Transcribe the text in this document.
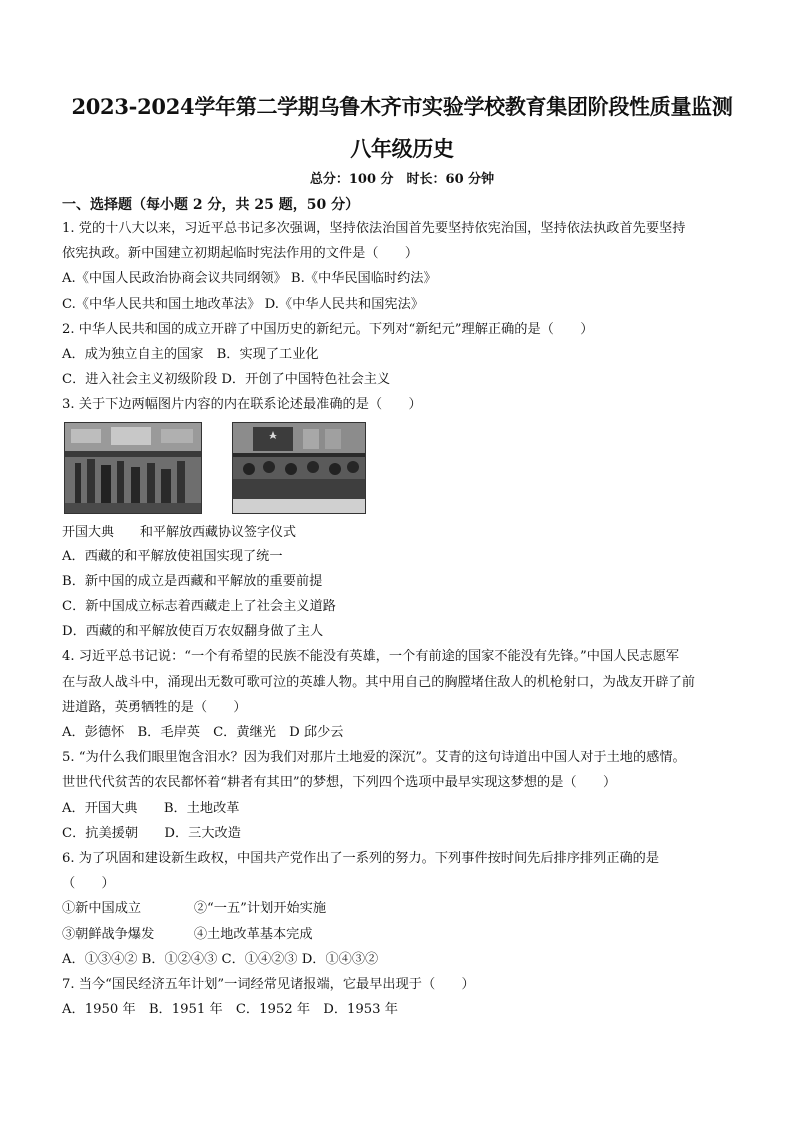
2023-2024学年第二学期乌鲁木齐市实验学校教育集团阶段性质量监测
八年级历史
总分：100 分　时长：60 分钟
一、选择题（每小题 2 分，共 25 题，50 分）
1. 党的十八大以来，习近平总书记多次强调，坚持依法治国首先要坚持依宪治国，坚持依法执政首先要坚持
依宪执政。新中国建立初期起临时宪法作用的文件是（　　）
A.《中国人民政治协商会议共同纲领》 B.《中华民国临时约法》
C.《中华人民共和国土地改革法》 D.《中华人民共和国宪法》
2. 中华人民共和国的成立开辟了中国历史的新纪元。下列对“新纪元”理解正确的是（　　）
A．成为独立自主的国家　B．实现了工业化
C．进入社会主义初级阶段 D．开创了中国特色社会主义
3. 关于下边两幅图片内容的内在联系论述最准确的是（　　）
开国大典　　和平解放西藏协议签字仪式
A．西藏的和平解放使祖国实现了统一
B．新中国的成立是西藏和平解放的重要前提
C．新中国成立标志着西藏走上了社会主义道路
D．西藏的和平解放使百万农奴翻身做了主人
4. 习近平总书记说：“一个有希望的民族不能没有英雄，一个有前途的国家不能没有先锋。”中国人民志愿军
在与敌人战斗中，涌现出无数可歌可泣的英雄人物。其中用自己的胸膛堵住敌人的机枪射口，为战友开辟了前
进道路，英勇牺牲的是（　　）
A．彭德怀　B．毛岸英　C．黄继光　D 邱少云
5. “为什么我们眼里饱含泪水？因为我们对那片土地爱的深沉”。艾青的这句诗道出中国人对于土地的感情。
世世代代贫苦的农民都怀着“耕者有其田”的梦想，下列四个选项中最早实现这梦想的是（　　）
A．开国大典　　B．土地改革
C．抗美援朝　　D．三大改造
6. 为了巩固和建设新生政权，中国共产党作出了一系列的努力。下列事件按时间先后排序排列正确的是
（　　）
①新中国成立　　　　②“一五”计划开始实施
③朝鲜战争爆发　　　④土地改革基本完成
A．①③④② B．①②④③ C．①④②③ D．①④③②
7. 当今“国民经济五年计划”一词经常见诸报端，它最早出现于（　　）
A．1950 年　B．1951 年　C．1952 年　D．1953 年
